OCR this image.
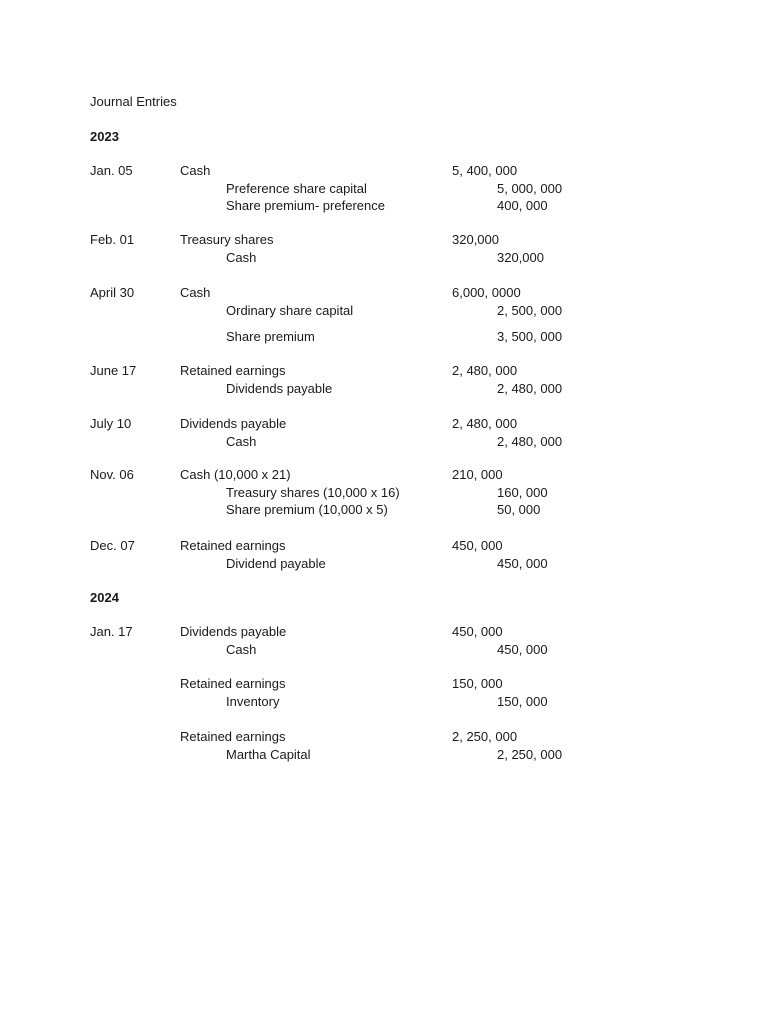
Journal Entries
2023
Jan. 05	Cash	5, 400, 000
Preference share capital	5, 000, 000
Share premium- preference	400, 000
Feb. 01	Treasury shares	320,000
Cash	320,000
April 30	Cash	6,000, 0000
Ordinary share capital	2, 500, 000
Share premium	3, 500, 000
June 17	Retained earnings	2, 480, 000
Dividends payable	2, 480, 000
July 10	Dividends payable	2, 480, 000
Cash	2, 480, 000
Nov. 06	Cash (10,000 x 21)	210, 000
Treasury shares (10,000 x 16)	160, 000
Share premium (10,000 x 5)	50, 000
Dec. 07	Retained earnings	450, 000
Dividend payable	450, 000
2024
Jan. 17	Dividends payable	450, 000
Cash	450, 000
Retained earnings	150, 000
Inventory	150, 000
Retained earnings	2, 250, 000
Martha Capital	2, 250, 000
